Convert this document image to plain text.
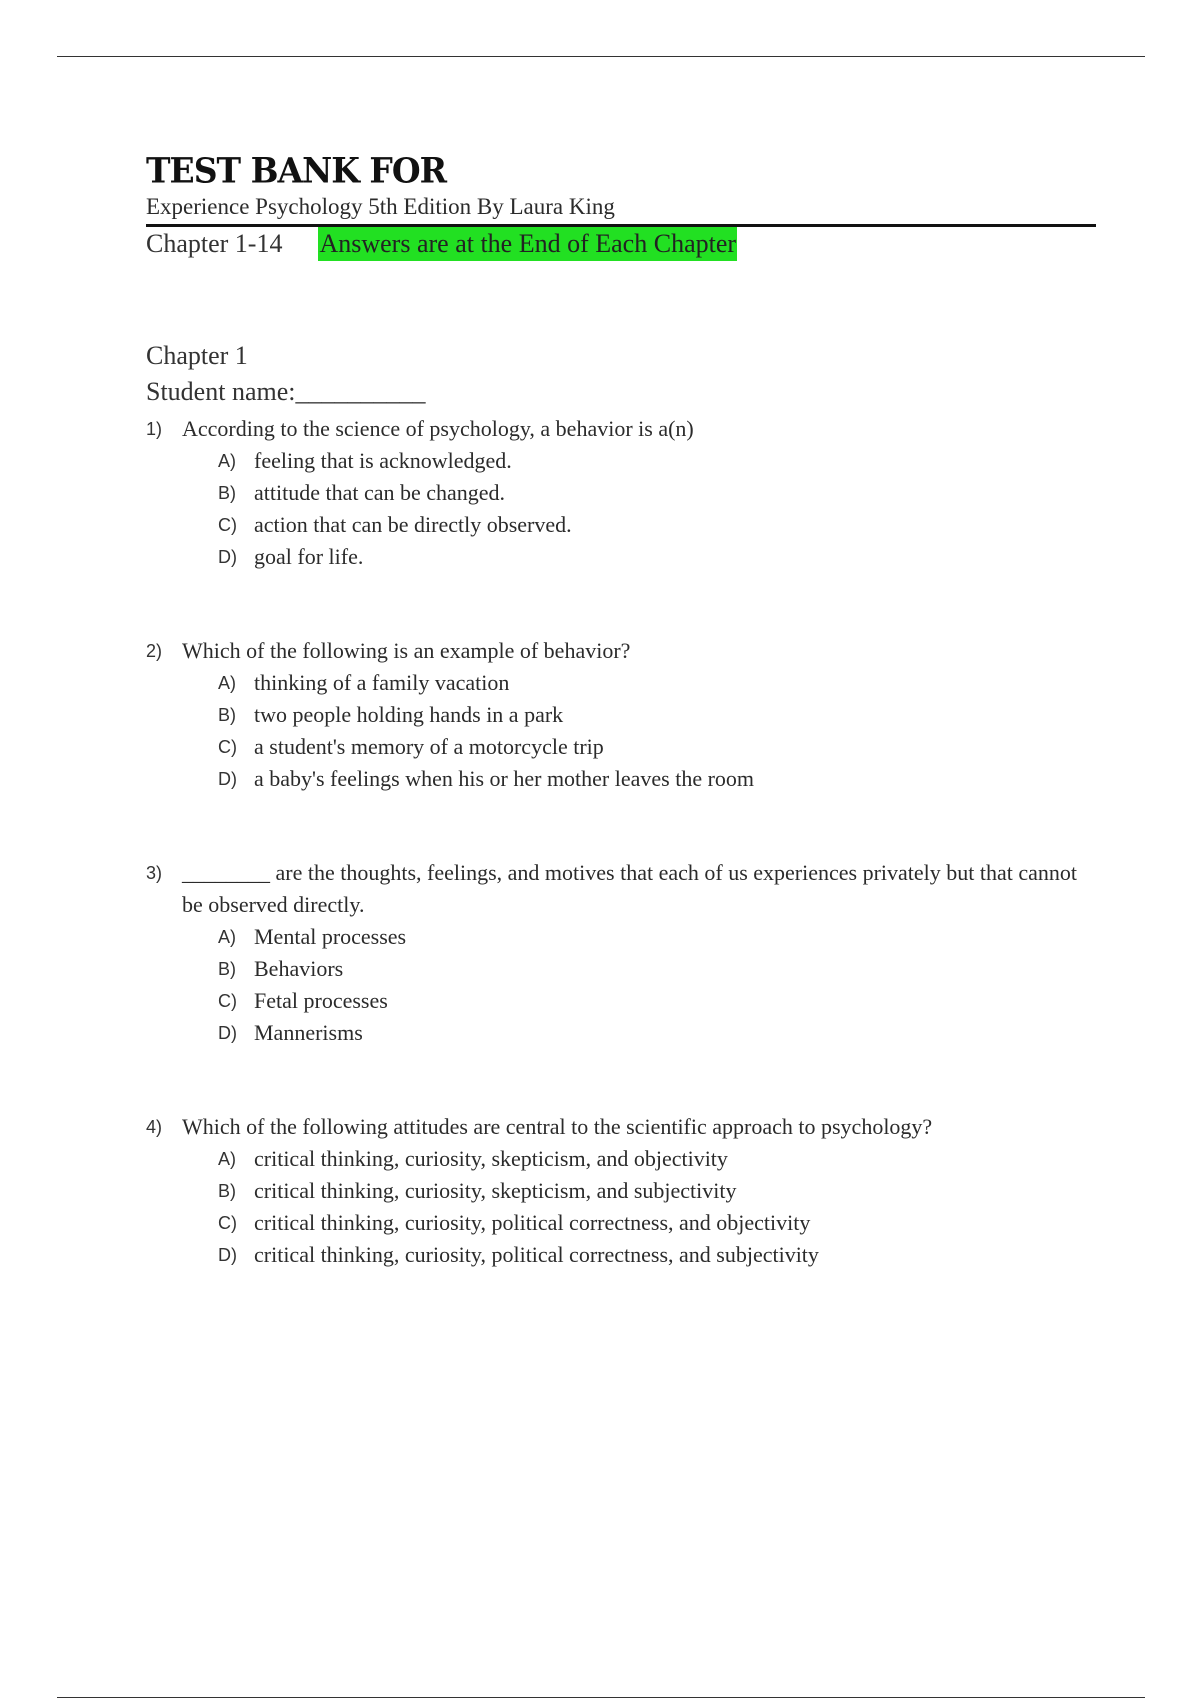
TEST BANK FOR
Experience Psychology 5th Edition By Laura King
Chapter 1-14 Answers are at the End of Each Chapter
Chapter 1
Student name:__________
1) According to the science of psychology, a behavior is a(n)
A) feeling that is acknowledged.
B) attitude that can be changed.
C) action that can be directly observed.
D) goal for life.
2) Which of the following is an example of behavior?
A) thinking of a family vacation
B) two people holding hands in a park
C) a student's memory of a motorcycle trip
D) a baby's feelings when his or her mother leaves the room
3) ________ are the thoughts, feelings, and motives that each of us experiences privately but that cannot be observed directly.
A) Mental processes
B) Behaviors
C) Fetal processes
D) Mannerisms
4) Which of the following attitudes are central to the scientific approach to psychology?
A) critical thinking, curiosity, skepticism, and objectivity
B) critical thinking, curiosity, skepticism, and subjectivity
C) critical thinking, curiosity, political correctness, and objectivity
D) critical thinking, curiosity, political correctness, and subjectivity
